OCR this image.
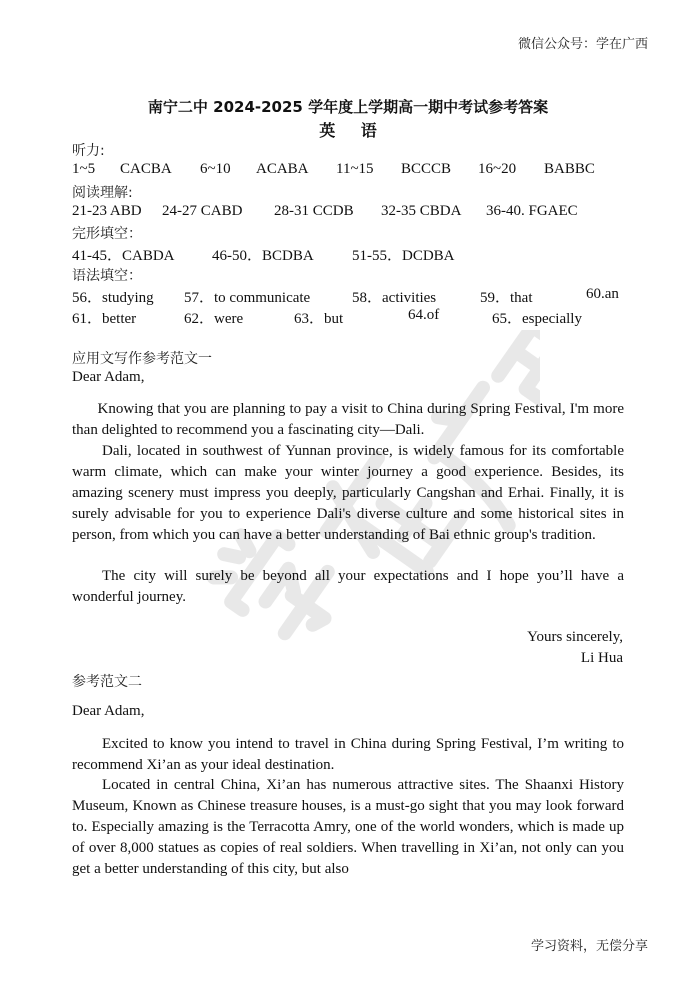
微信公众号：学在广西
学习资料，无偿分享
南宁二中 2024-2025 学年度上学期高一期中考试参考答案
英 语
听力:
1~5 CACBA 6~10 ACABA 11~15 BCCCB 16~20 BABBC
阅读理解:
21-23 ABD 24-27 CABD 28-31 CCDB 32-35 CBDA 36-40. FGAEC
完形填空：
41-45．CABDA 46-50．BCDBA	51-55．DCDBA
语法填空：
56．studying 57．to communicate	58．activities	59．that	60.an
61．better	62．were	63．but	64.of	65．especially
应用文写作参考范文一
Dear Adam,
Knowing that you are planning to pay a visit to China during Spring Festival, I'm more than delighted to recommend you a fascinating city—Dali.
Dali, located in southwest of Yunnan province, is widely famous for its comfortable warm climate, which can make your winter journey a good experience. Besides, its amazing scenery must impress you deeply, particularly Cangshan and Erhai. Finally, it is surely advisable for you to experience Dali's diverse culture and some historical sites in person, from which you can have a better understanding of Bai ethnic group's tradition.
The city will surely be beyond all your expectations and I hope you’ll have a wonderful journey.
Yours sincerely,
Li Hua
参考范文二
Dear Adam,
Excited to know you intend to travel in China during Spring Festival, I’m writing to recommend Xi’an as your ideal destination.
Located in central China, Xi’an has numerous attractive sites. The Shaanxi History Museum, Known as Chinese treasure houses, is a must-go sight that you may look forward to. Especially amazing is the Terracotta Amry, one of the world wonders, which is made up of over 8,000 statues as copies of real soldiers. When travelling in Xi’an, not only can you get a better understanding of this city, but also
